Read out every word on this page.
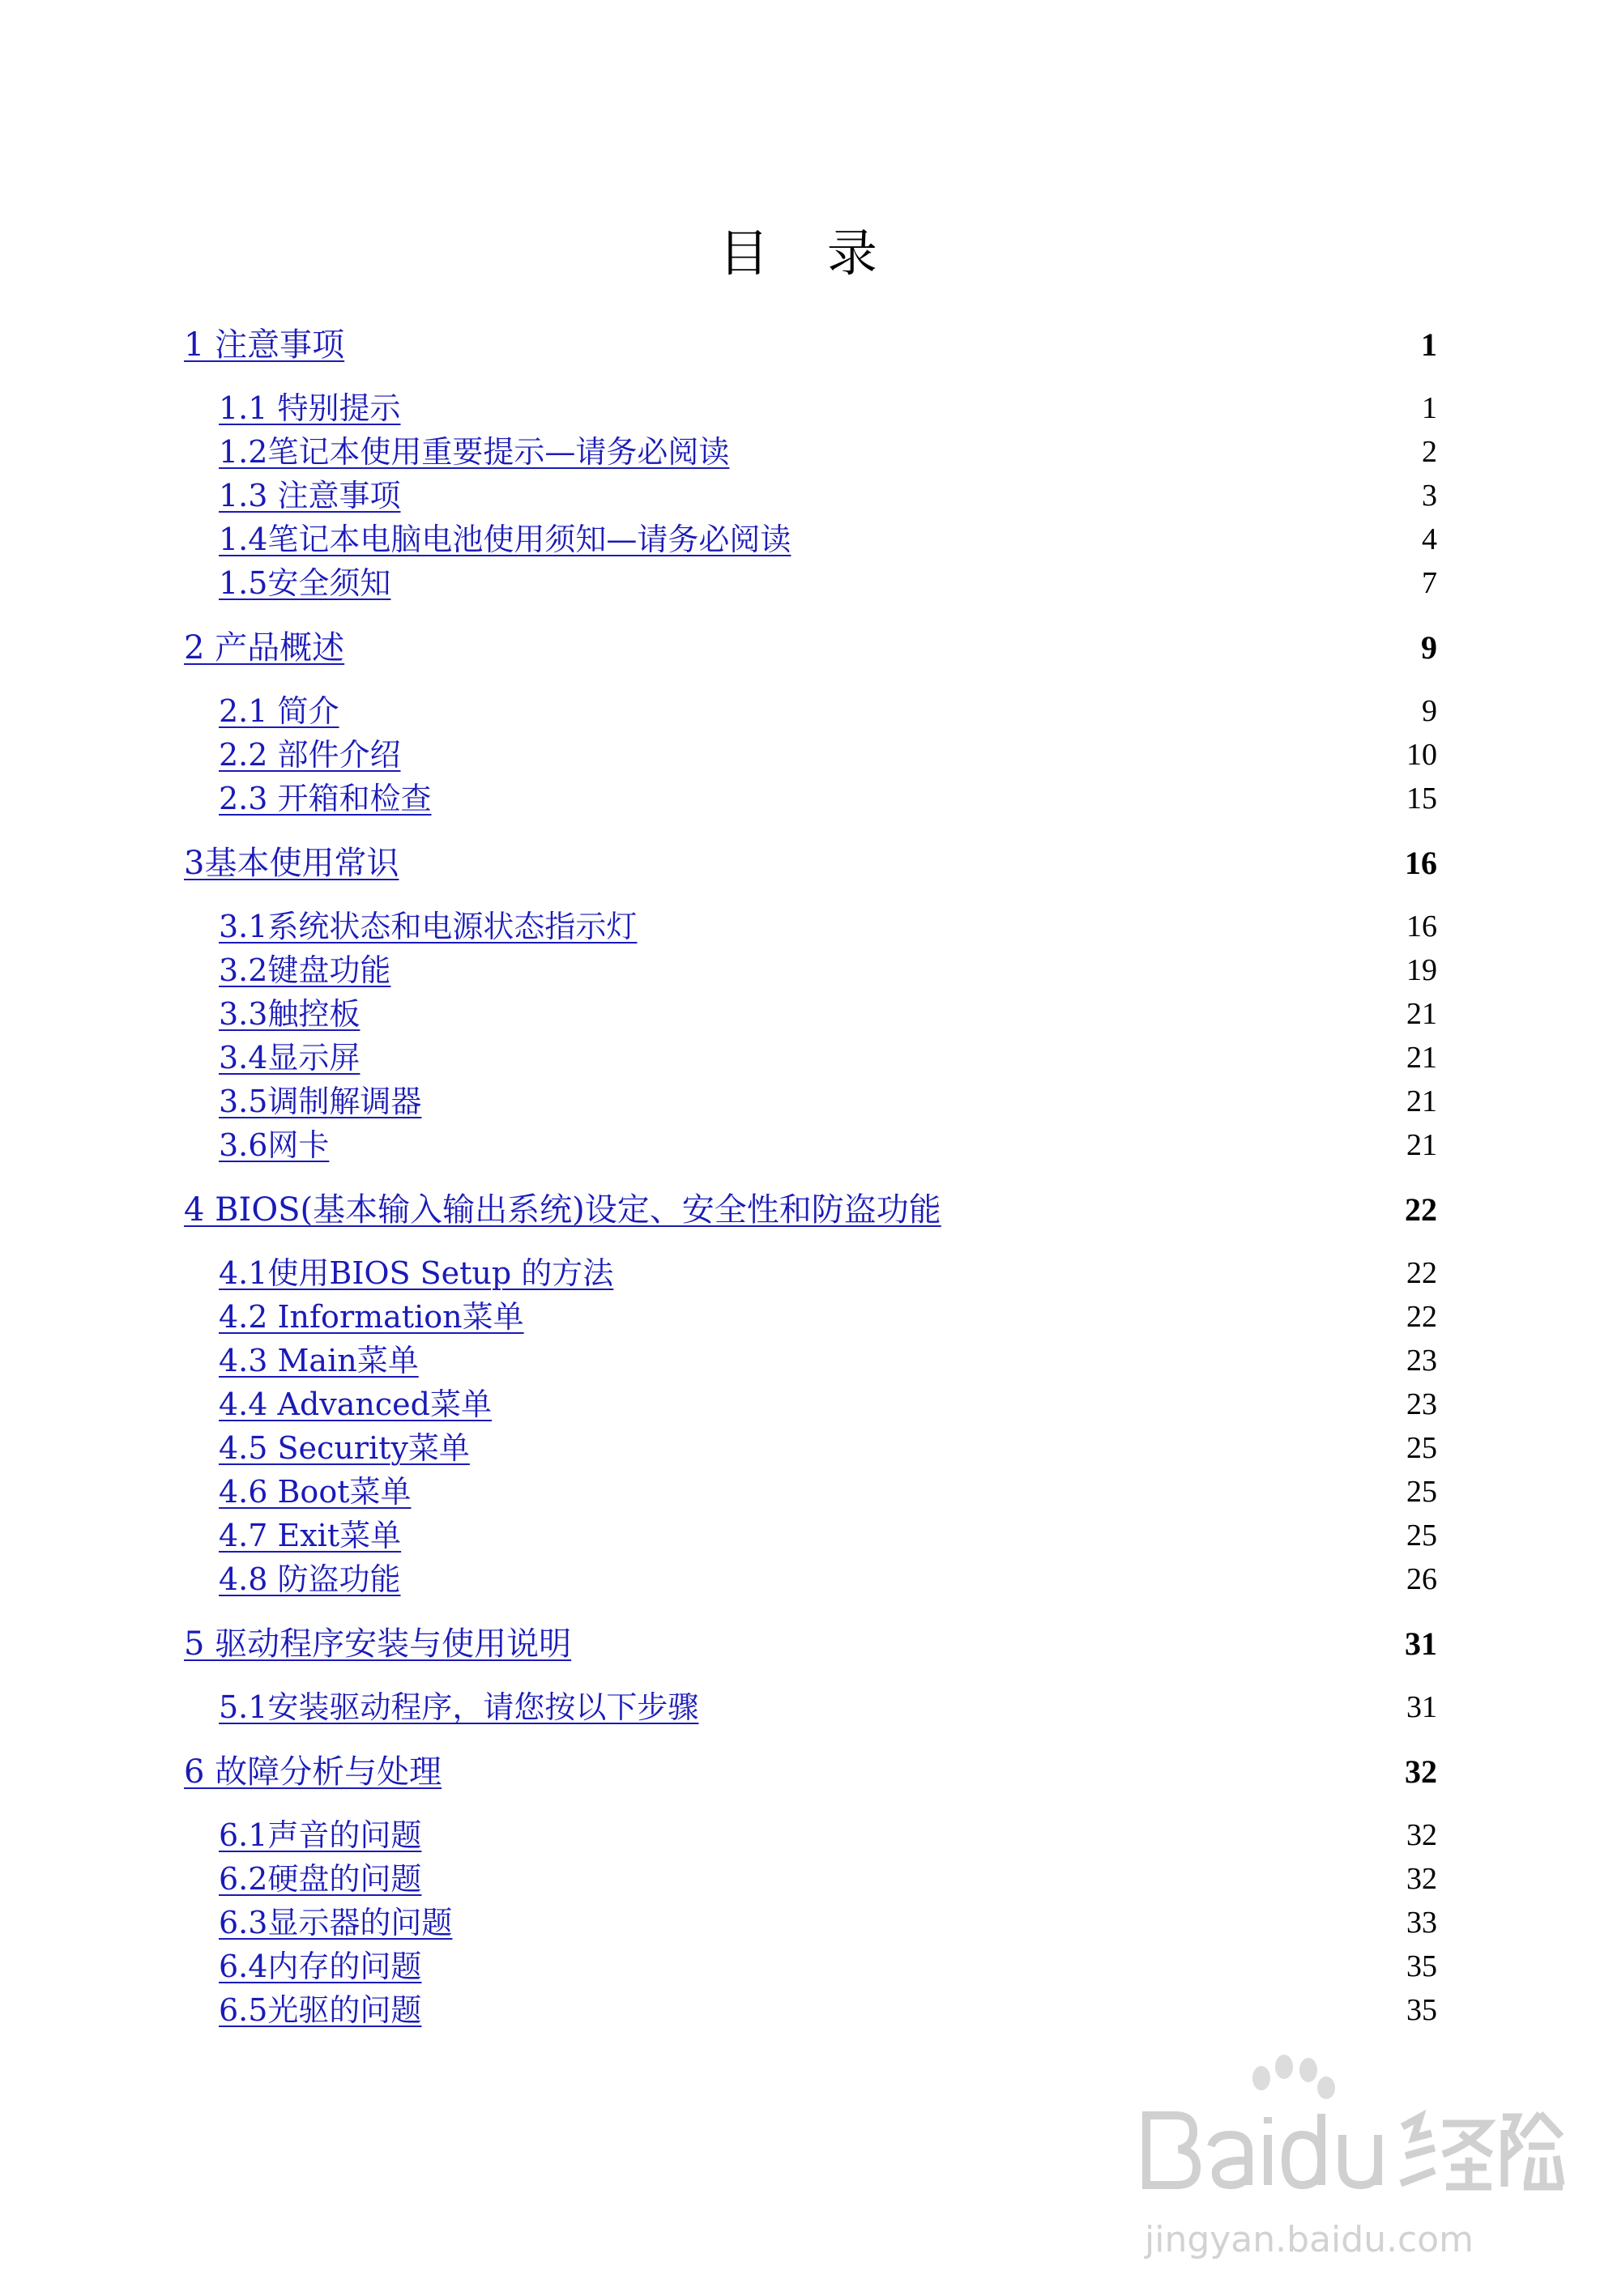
目 录
1 注意事项	1
1.1 特别提示	1
1.2笔记本使用重要提示—请务必阅读	2
1.3 注意事项	3
1.4笔记本电脑电池使用须知—请务必阅读	4
1.5安全须知	7
2 产品概述	9
2.1 简介	9
2.2 部件介绍	10
2.3 开箱和检查	15
3基本使用常识	16
3.1系统状态和电源状态指示灯	16
3.2键盘功能	19
3.3触控板	21
3.4显示屏	21
3.5调制解调器	21
3.6网卡	21
4 BIOS(基本输入输出系统)设定、安全性和防盗功能	22
4.1使用BIOS Setup 的方法	22
4.2 Information菜单	22
4.3 Main菜单	23
4.4 Advanced菜单	23
4.5 Security菜单	25
4.6 Boot菜单	25
4.7 Exit菜单	25
4.8 防盗功能	26
5 驱动程序安装与使用说明	31
5.1安装驱动程序，请您按以下步骤	31
6 故障分析与处理	32
6.1声音的问题	32
6.2硬盘的问题	32
6.3显示器的问题	33
6.4内存的问题	35
6.5光驱的问题	35
jingyan.baidu.com
